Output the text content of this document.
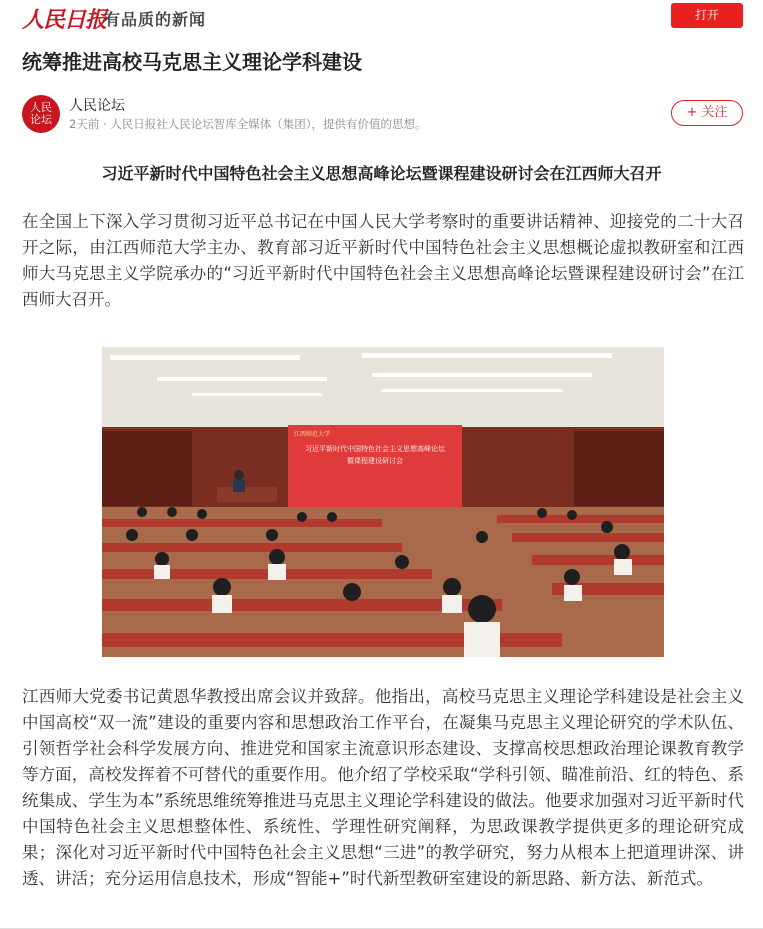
人民日报
有品质的新闻	打开
统筹推进高校马克思主义理论学科建设
人民
论坛
人民论坛
2天前 · 人民日报社人民论坛智库全媒体（集团），提供有价值的思想。
+ 关注
习近平新时代中国特色社会主义思想高峰论坛暨课程建设研讨会在江西师大召开

在全国上下深入学习贯彻习近平总书记在中国人民大学考察时的重要讲话精神、迎接党的二十大召开之际，由江西师范大学主办、教育部习近平新时代中国特色社会主义思想概论虚拟教研室和江西师大马克思主义学院承办的“习近平新时代中国特色社会主义思想高峰论坛暨课程建设研讨会”在江西师大召开。

江西师范大学
习近平新时代中国特色社会主义思想高峰论坛
暨课程建设研讨会

江西师大党委书记黄恩华教授出席会议并致辞。他指出，高校马克思主义理论学科建设是社会主义中国高校“双一流”建设的重要内容和思想政治工作平台，在凝集马克思主义理论研究的学术队伍、引领哲学社会科学发展方向、推进党和国家主流意识形态建设、支撑高校思想政治理论课教育教学等方面，高校发挥着不可替代的重要作用。他介绍了学校采取“学科引领、瞄准前沿、红的特色、系统集成、学生为本”系统思维统筹推进马克思主义理论学科建设的做法。他要求加强对习近平新时代中国特色社会主义思想整体性、系统性、学理性研究阐释，为思政课教学提供更多的理论研究成果；深化对习近平新时代中国特色社会主义思想“三进”的教学研究，努力从根本上把道理讲深、讲透、讲活；充分运用信息技术，形成“智能+”时代新型教研室建设的新思路、新方法、新范式。
